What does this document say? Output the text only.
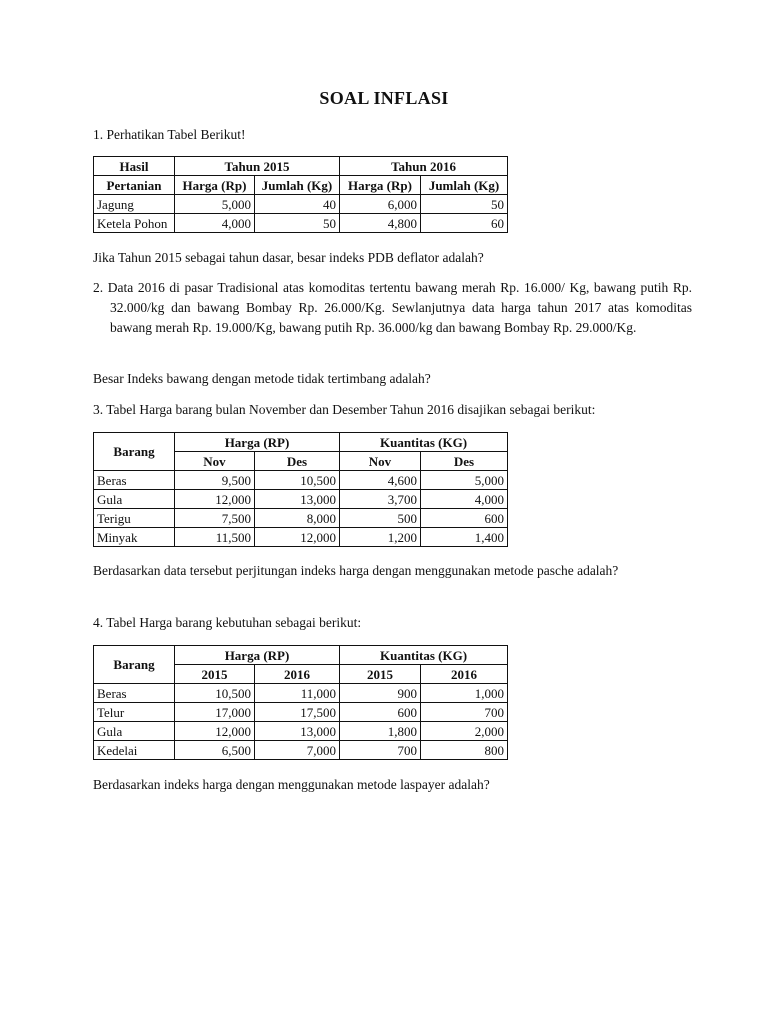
SOAL INFLASI
1. Perhatikan Tabel Berikut!
Hasil	Tahun 2015		Tahun 2016	
Pertanian	Harga (Rp)	Jumlah (Kg)	Harga (Rp)	Jumlah (Kg)
Jagung	5,000	40	6,000	50
Ketela Pohon	4,000	50	4,800	60
Jika Tahun 2015 sebagai tahun dasar, besar indeks PDB deflator adalah?
2. Data 2016 di pasar Tradisional atas komoditas tertentu bawang merah Rp. 16.000/ Kg, bawang putih Rp. 32.000/kg dan bawang Bombay Rp. 26.000/Kg. Sewlanjutnya data harga tahun 2017 atas komoditas bawang merah Rp. 19.000/Kg, bawang putih Rp. 36.000/kg dan bawang Bombay Rp. 29.000/Kg.
Besar Indeks bawang dengan metode tidak tertimbang adalah?
3. Tabel Harga barang bulan November dan Desember Tahun 2016 disajikan sebagai berikut:
Barang	Harga (RP)		Kuantitas (KG)	
	Nov	Des	Nov	Des
Beras	9,500	10,500	4,600	5,000
Gula	12,000	13,000	3,700	4,000
Terigu	7,500	8,000	500	600
Minyak	11,500	12,000	1,200	1,400
Berdasarkan data tersebut perjitungan indeks harga dengan menggunakan metode pasche adalah?
4. Tabel Harga barang kebutuhan sebagai berikut:
Barang	Harga (RP)		Kuantitas (KG)	
	2015	2016	2015	2016
Beras	10,500	11,000	900	1,000
Telur	17,000	17,500	600	700
Gula	12,000	13,000	1,800	2,000
Kedelai	6,500	7,000	700	800
Berdasarkan indeks harga dengan menggunakan metode laspayer adalah?
